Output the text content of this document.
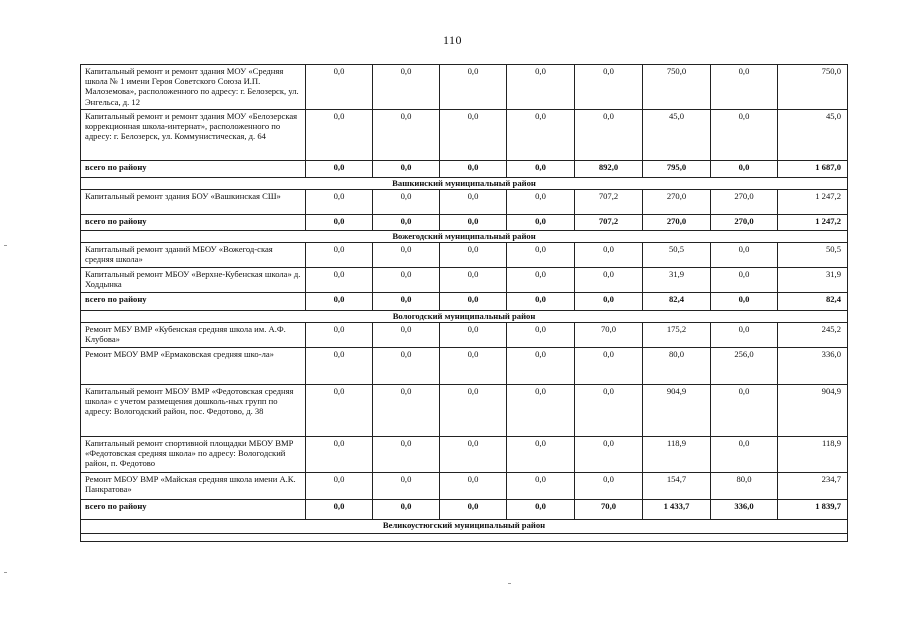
110
Капитальный ремонт и ремонт здания МОУ «Средняя школа № 1 имени Героя Советского Союза И.П. Малоземова», расположенного по адресу: г. Белозерск, ул. Энгельса, д. 12	0,0	0,0	0,0	0,0	0,0	750,0	0,0	750,0
Капитальный ремонт и ремонт здания МОУ «Белозерская коррекционная школа-интернат», расположенного по адресу: г. Белозерск, ул. Коммунистическая, д. 64	0,0	0,0	0,0	0,0	0,0	45,0	0,0	45,0
всего по району	0,0	0,0	0,0	0,0	892,0	795,0	0,0	1 687,0
Вашкинский муниципальный район								
Капитальный ремонт здания БОУ «Вашкинская СШ»	0,0	0,0	0,0	0,0	707,2	270,0	270,0	1 247,2
всего по району	0,0	0,0	0,0	0,0	707,2	270,0	270,0	1 247,2
Вожегодский муниципальный район								
Капитальный ремонт зданий МБОУ «Вожегод-ская средняя школа»	0,0	0,0	0,0	0,0	0,0	50,5	0,0	50,5
Капитальный ремонт МБОУ «Верхне-Кубенская школа» д. Ходдынка	0,0	0,0	0,0	0,0	0,0	31,9	0,0	31,9
всего по району	0,0	0,0	0,0	0,0	0,0	82,4	0,0	82,4
Вологодский муниципальный район								
Ремонт МБУ ВМР «Кубенская средняя школа им. А.Ф. Клубова»	0,0	0,0	0,0	0,0	70,0	175,2	0,0	245,2
Ремонт МБОУ ВМР «Ермаковская средняя шко-ла»	0,0	0,0	0,0	0,0	0,0	80,0	256,0	336,0
Капитальный ремонт МБОУ ВМР «Федотовская средняя школа» с учетом размещения дошколь-ных групп по адресу: Вологодский район, пос. Федотово, д. 38	0,0	0,0	0,0	0,0	0,0	904,9	0,0	904,9
Капитальный ремонт спортивной площадки МБОУ ВМР «Федотовская средняя школа» по адресу: Вологодский район, п. Федотово	0,0	0,0	0,0	0,0	0,0	118,9	0,0	118,9
Ремонт МБОУ ВМР «Майская средняя школа имени А.К. Панкратова»	0,0	0,0	0,0	0,0	0,0	154,7	80,0	234,7
всего по району	0,0	0,0	0,0	0,0	70,0	1 433,7	336,0	1 839,7
Великоустюгский муниципальный район								
